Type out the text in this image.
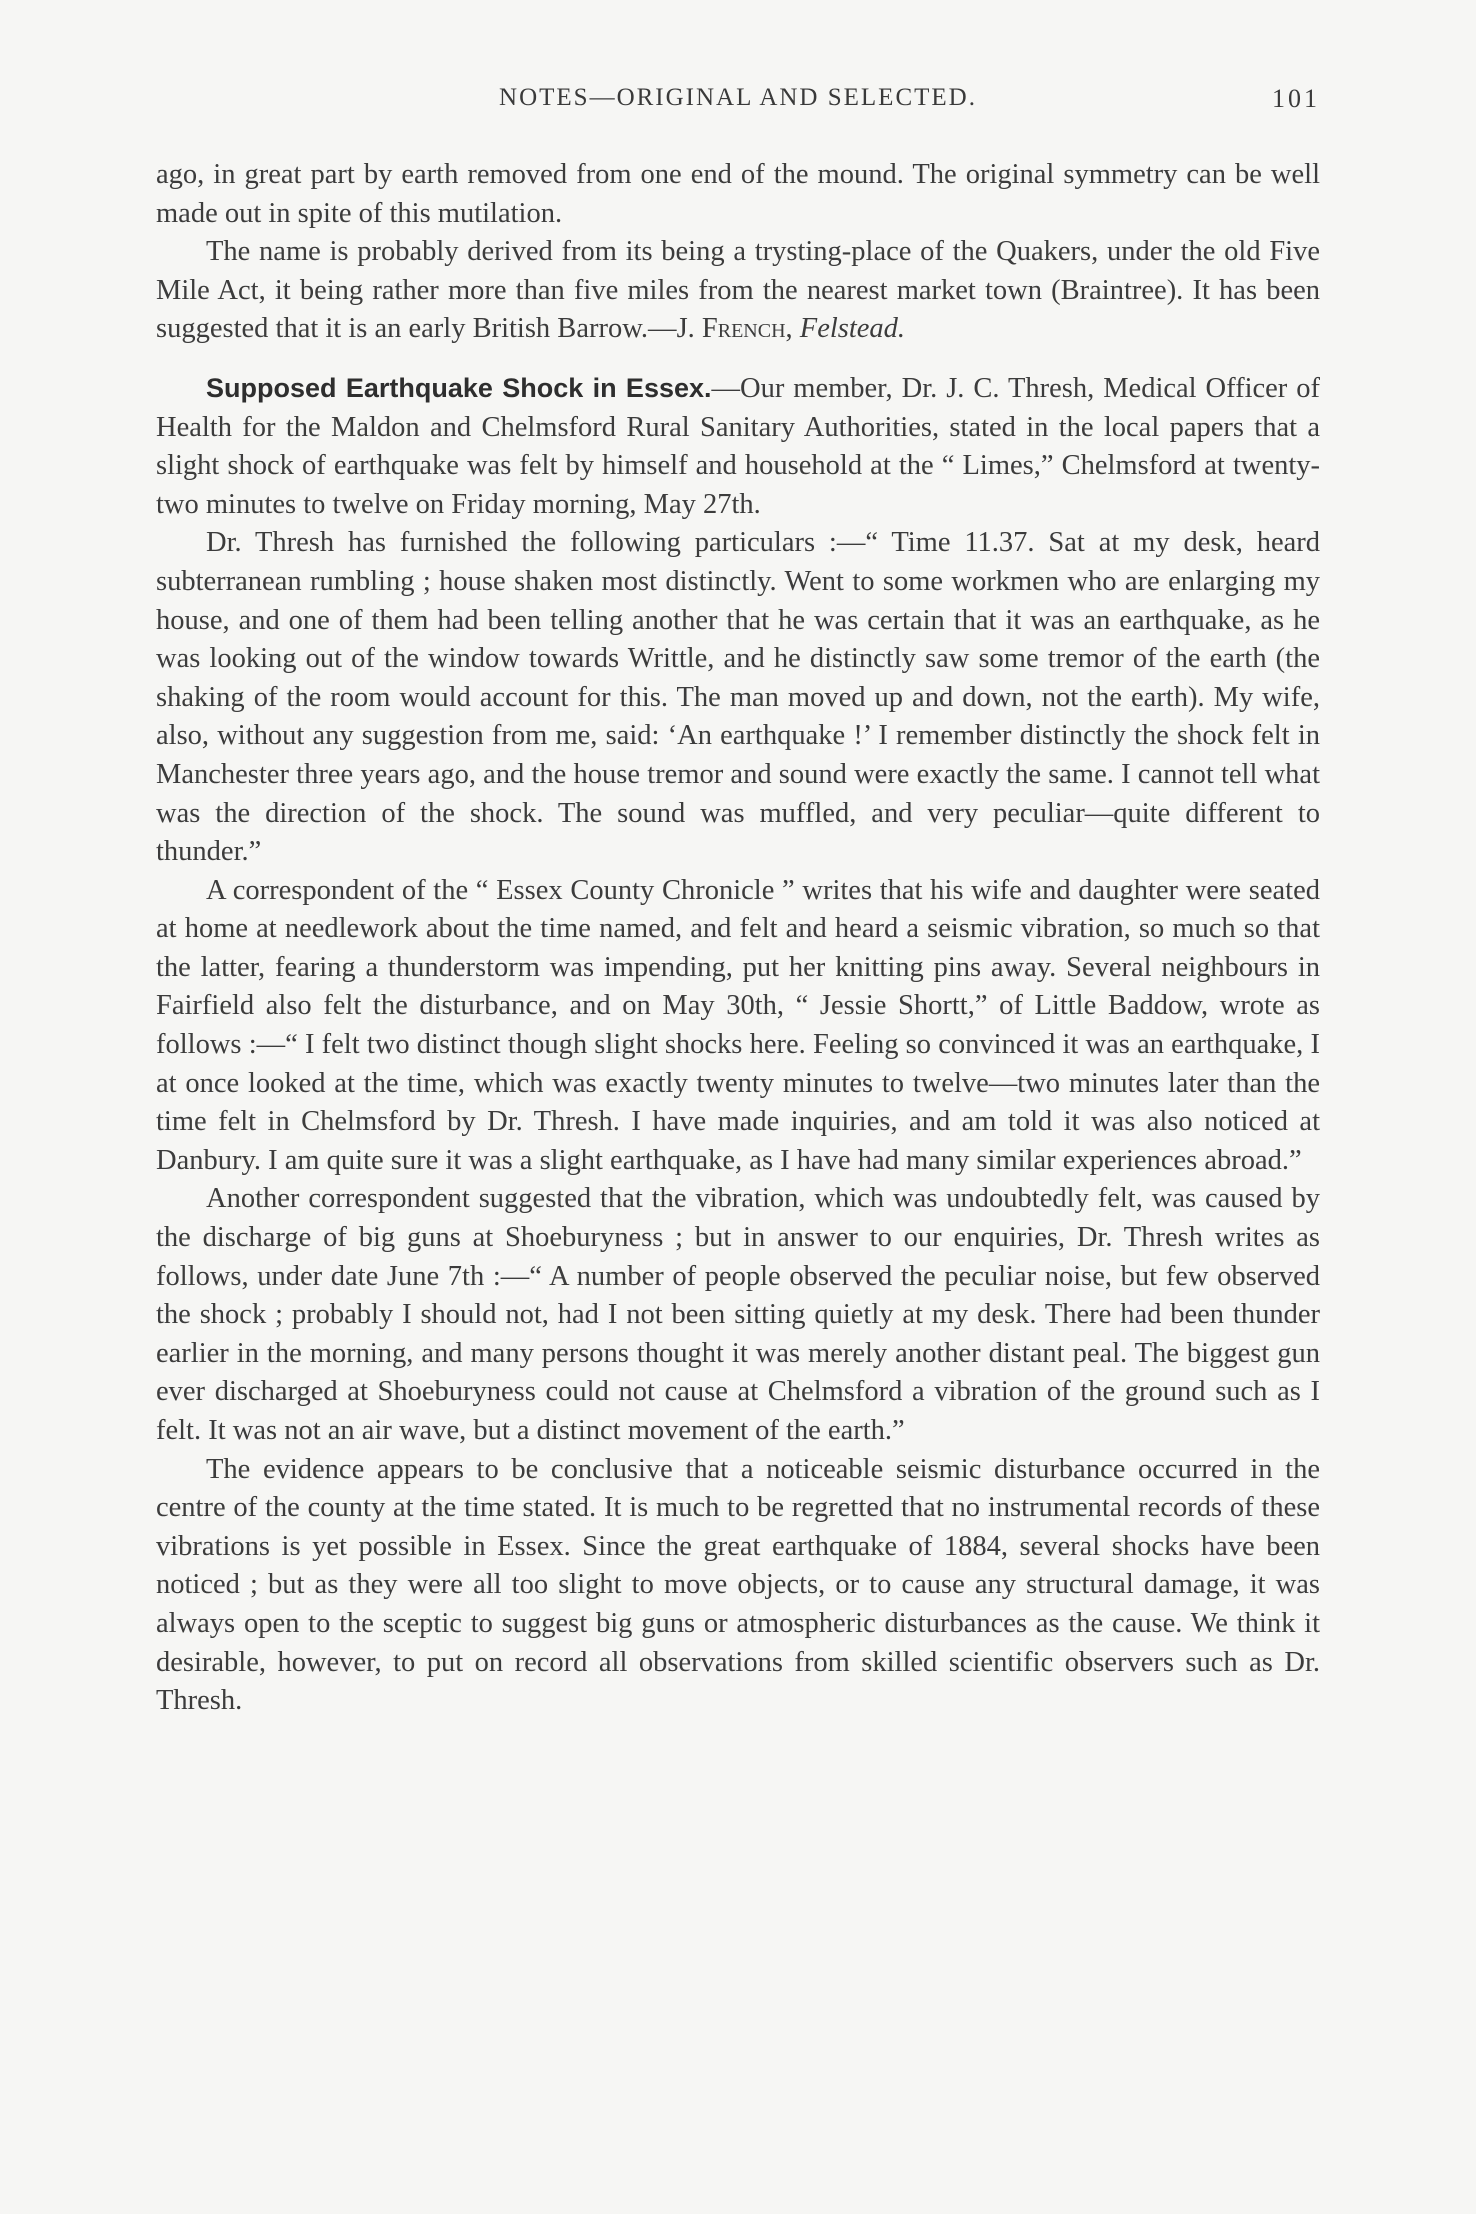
NOTES—ORIGINAL AND SELECTED.	101

ago, in great part by earth removed from one end of the mound. The original symmetry can be well made out in spite of this mutilation.

The name is probably derived from its being a trysting-place of the Quakers, under the old Five Mile Act, it being rather more than five miles from the nearest market town (Braintree). It has been suggested that it is an early British Barrow.—J. French, Felstead.

Supposed Earthquake Shock in Essex.—Our member, Dr. J. C. Thresh, Medical Officer of Health for the Maldon and Chelmsford Rural Sanitary Authorities, stated in the local papers that a slight shock of earthquake was felt by himself and household at the “ Limes,” Chelmsford at twenty-two minutes to twelve on Friday morning, May 27th.

Dr. Thresh has furnished the following particulars :—“ Time 11.37. Sat at my desk, heard subterranean rumbling ; house shaken most distinctly. Went to some workmen who are enlarging my house, and one of them had been telling another that he was certain that it was an earthquake, as he was looking out of the window towards Writtle, and he distinctly saw some tremor of the earth (the shaking of the room would account for this. The man moved up and down, not the earth). My wife, also, without any suggestion from me, said: ‘An earthquake !’ I remember distinctly the shock felt in Manchester three years ago, and the house tremor and sound were exactly the same. I cannot tell what was the direction of the shock. The sound was muffled, and very peculiar—quite different to thunder.”

A correspondent of the “ Essex County Chronicle ” writes that his wife and daughter were seated at home at needlework about the time named, and felt and heard a seismic vibration, so much so that the latter, fearing a thunderstorm was impending, put her knitting pins away. Several neighbours in Fairfield also felt the disturbance, and on May 30th, “ Jessie Shortt,” of Little Baddow, wrote as follows :—“ I felt two distinct though slight shocks here. Feeling so convinced it was an earthquake, I at once looked at the time, which was exactly twenty minutes to twelve—two minutes later than the time felt in Chelmsford by Dr. Thresh. I have made inquiries, and am told it was also noticed at Danbury. I am quite sure it was a slight earthquake, as I have had many similar experiences abroad.”

Another correspondent suggested that the vibration, which was undoubtedly felt, was caused by the discharge of big guns at Shoeburyness ; but in answer to our enquiries, Dr. Thresh writes as follows, under date June 7th :—“ A number of people observed the peculiar noise, but few observed the shock ; probably I should not, had I not been sitting quietly at my desk. There had been thunder earlier in the morning, and many persons thought it was merely another distant peal. The biggest gun ever discharged at Shoeburyness could not cause at Chelmsford a vibration of the ground such as I felt. It was not an air wave, but a distinct movement of the earth.”

The evidence appears to be conclusive that a noticeable seismic disturbance occurred in the centre of the county at the time stated. It is much to be regretted that no instrumental records of these vibrations is yet possible in Essex. Since the great earthquake of 1884, several shocks have been noticed ; but as they were all too slight to move objects, or to cause any structural damage, it was always open to the sceptic to suggest big guns or atmospheric disturbances as the cause. We think it desirable, however, to put on record all observations from skilled scientific observers such as Dr. Thresh.
